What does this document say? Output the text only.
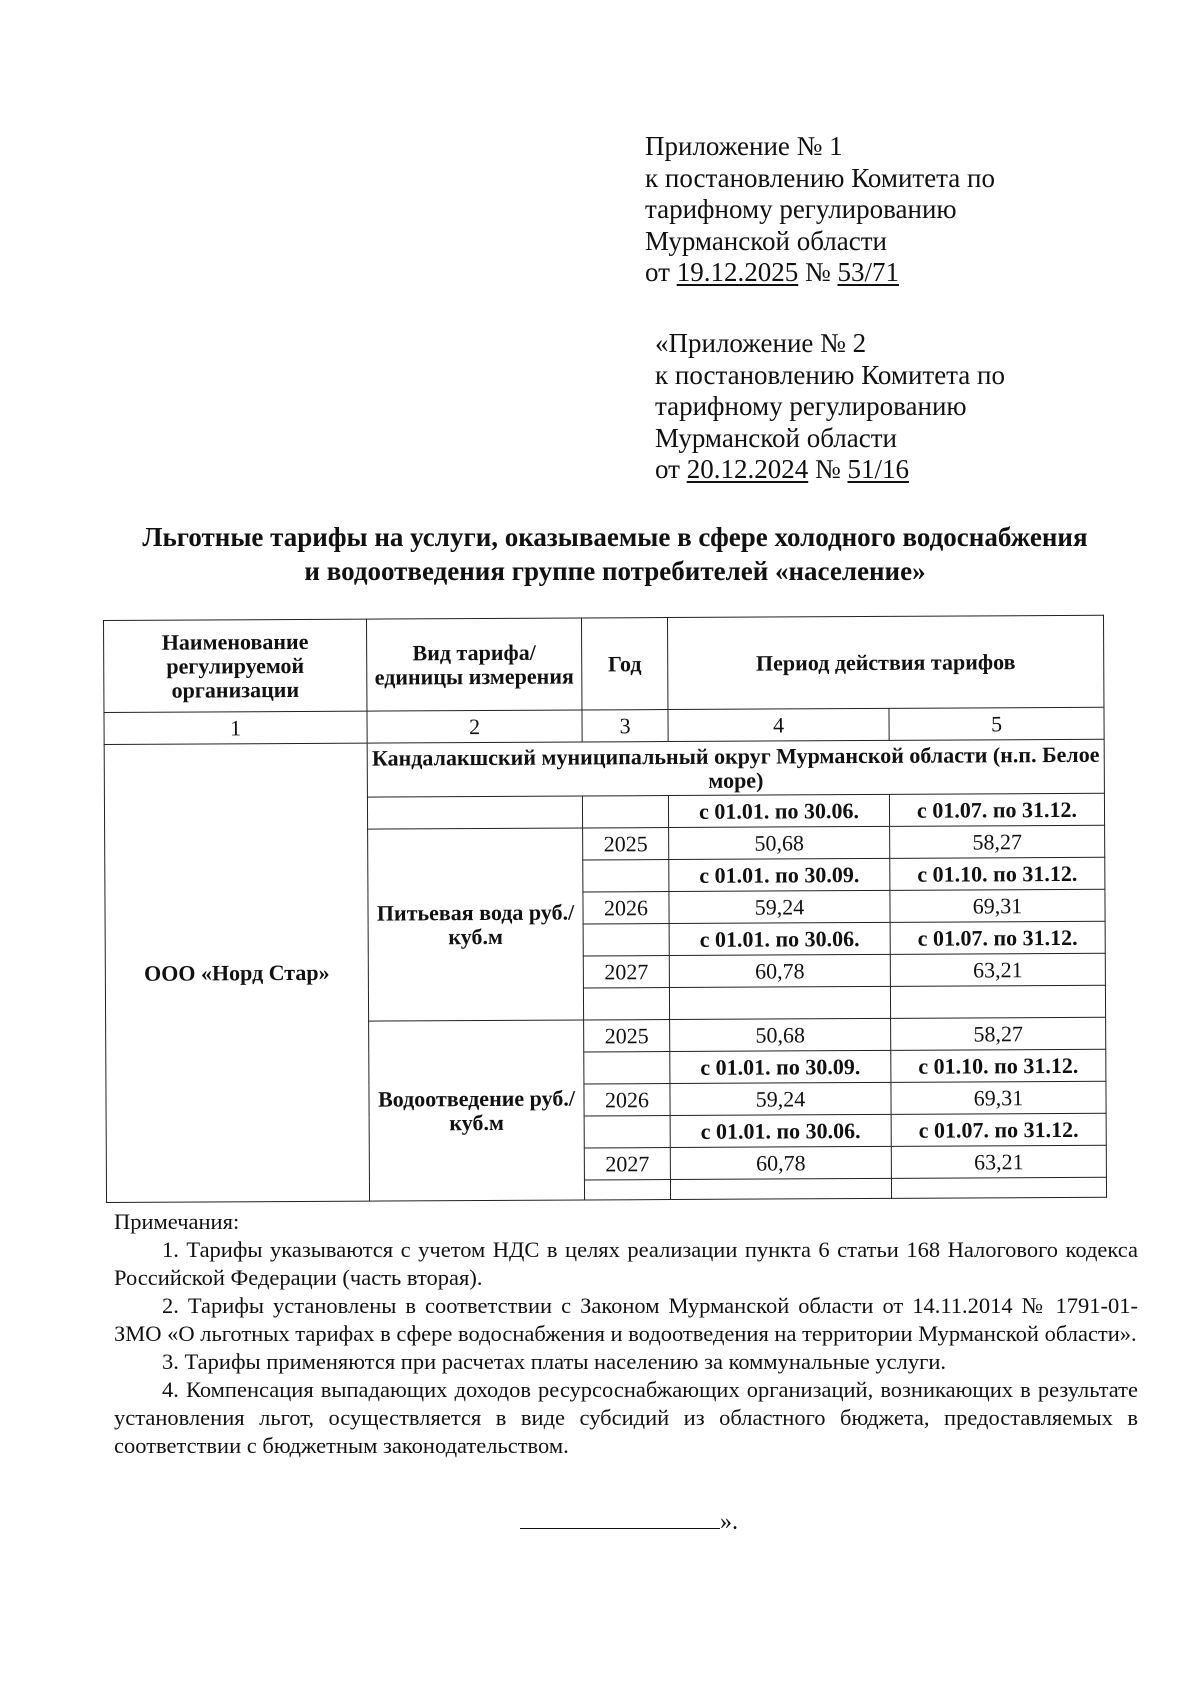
Приложение № 1
к постановлению Комитета по
тарифному регулированию
Мурманской области
от 19.12.2025 № 53/71
«Приложение № 2
к постановлению Комитета по
тарифному регулированию
Мурманской области
от 20.12.2024 № 51/16
Льготные тарифы на услуги, оказываемые в сфере холодного водоснабжения
и водоотведения группе потребителей «население»
Наименование регулируемой организации	Вид тарифа/единицы измерения	Год	Период действия тарифов	
1	2	3	4	5
ООО «Норд Стар»	Кандалакшский муниципальный округ Мурманской области (н.п. Белое море)			
			с 01.01. по 30.06.	с 01.07. по 31.12.
	Питьевая вода руб./куб.м	2025	50,68	58,27
			с 01.01. по 30.09.	с 01.10. по 31.12.
		2026	59,24	69,31
			с 01.01. по 30.06.	с 01.07. по 31.12.
		2027	60,78	63,21

	Водоотведение руб./куб.м	2025	50,68	58,27
			с 01.01. по 30.09.	с 01.10. по 31.12.
		2026	59,24	69,31
			с 01.01. по 30.06.	с 01.07. по 31.12.
		2027	60,78	63,21

Примечания:

1. Тарифы указываются с учетом НДС в целях реализации пункта 6 статьи 168 Налогового кодекса Российской Федерации (часть вторая).

2. Тарифы установлены в соответствии с Законом Мурманской области от 14.11.2014 № 1791-01-ЗМО «О льготных тарифах в сфере водоснабжения и водоотведения на территории Мурманской области».

3. Тарифы применяются при расчетах платы населению за коммунальные услуги.

4. Компенсация выпадающих доходов ресурсоснабжающих организаций, возникающих в результате установления льгот, осуществляется в виде субсидий из областного бюджета, предоставляемых в соответствии с бюджетным законодательством.

».
